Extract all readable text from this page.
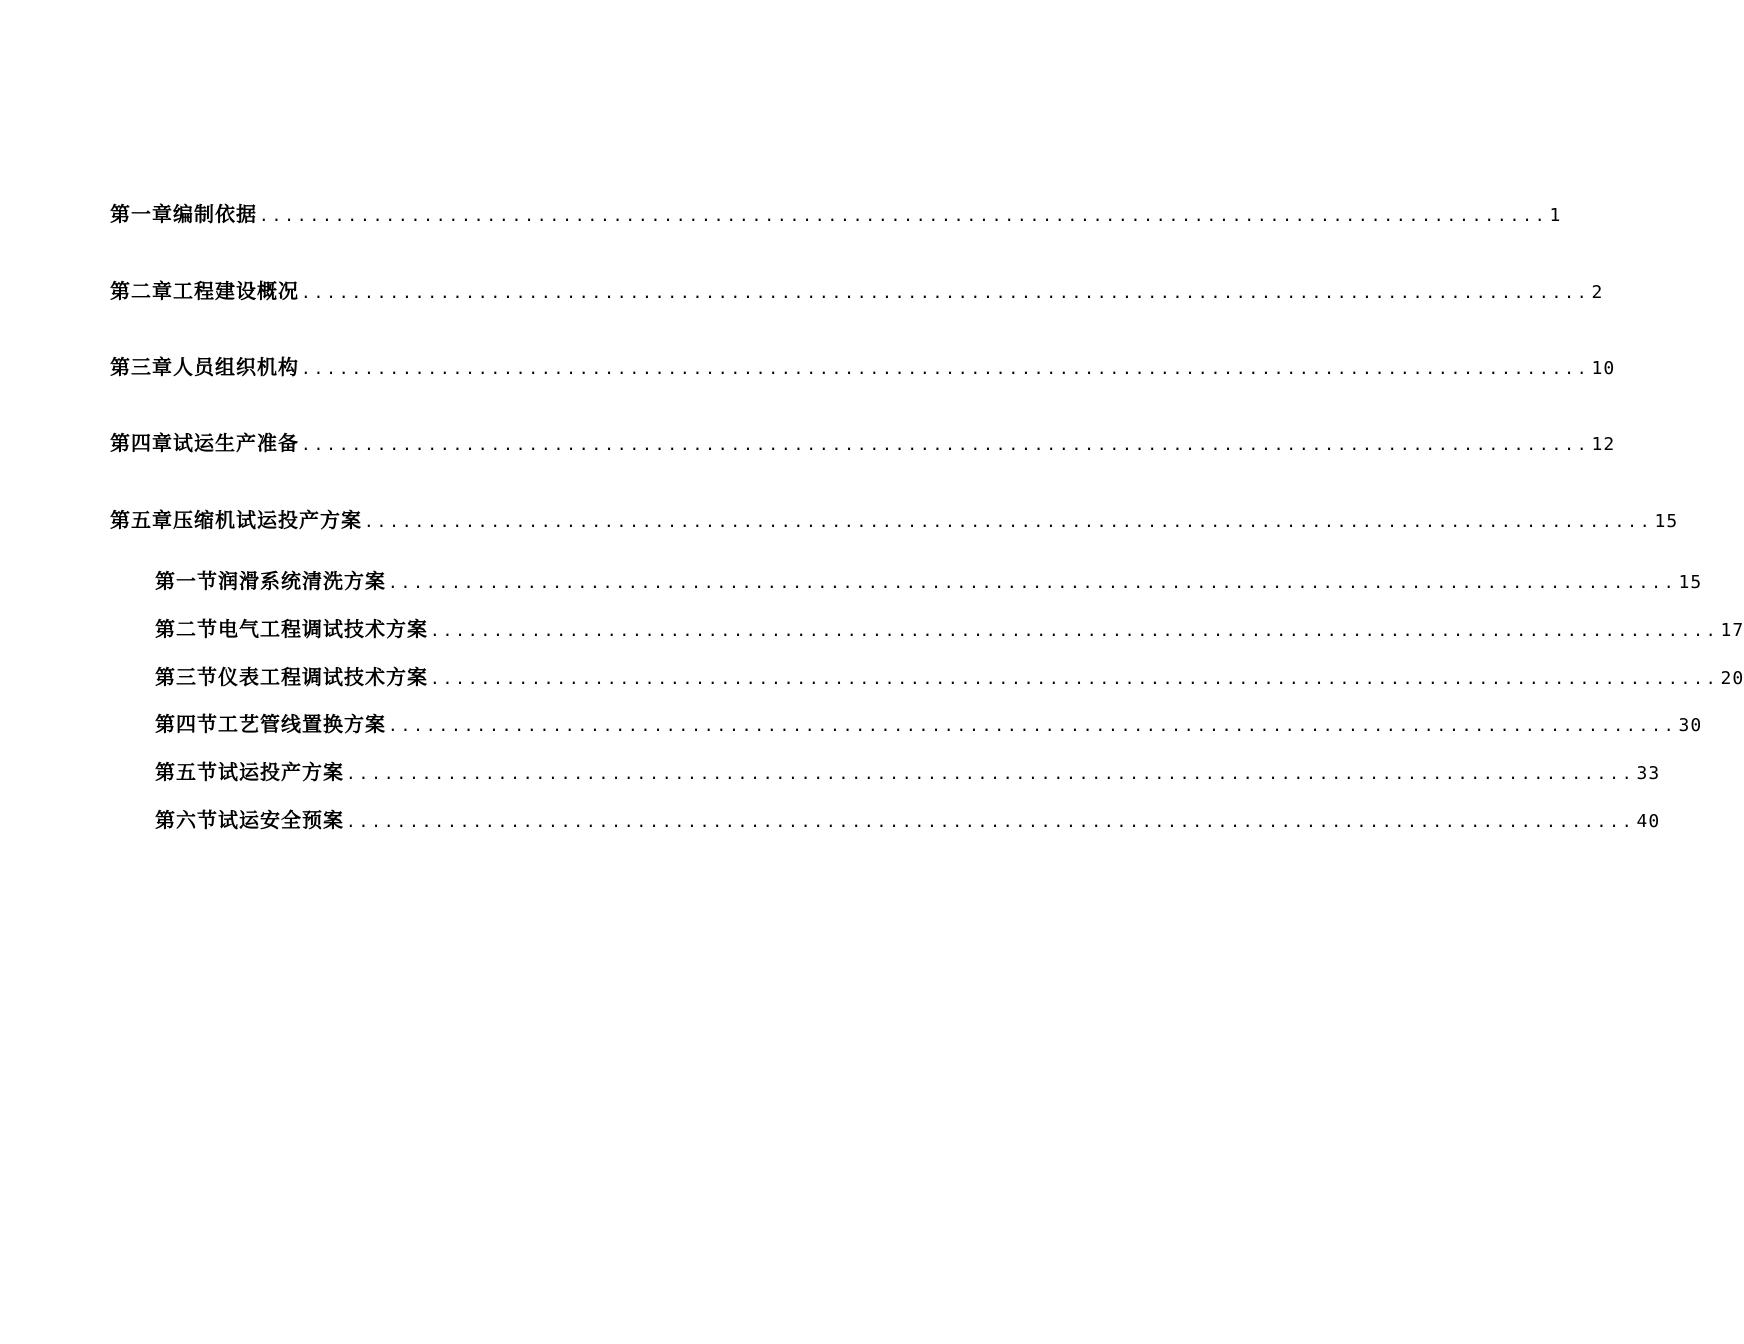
第一章 编制依据 ...................................................................................................... 1
第二章 工程建设概况 ...................................................................................................... 2
第三章 人员组织机构 ...................................................................................................... 10
第四章 试运生产准备 ...................................................................................................... 12
第五章 压缩机试运投产方案 ...................................................................................................... 15
第一节 润滑系统清洗方案 ...................................................................................................... 15
第二节 电气工程调试技术方案 ...................................................................................................... 17
第三节 仪表工程调试技术方案 ...................................................................................................... 20
第四节 工艺管线置换方案 ...................................................................................................... 30
第五节 试运投产方案 ...................................................................................................... 33
第六节 试运安全预案 ...................................................................................................... 40
